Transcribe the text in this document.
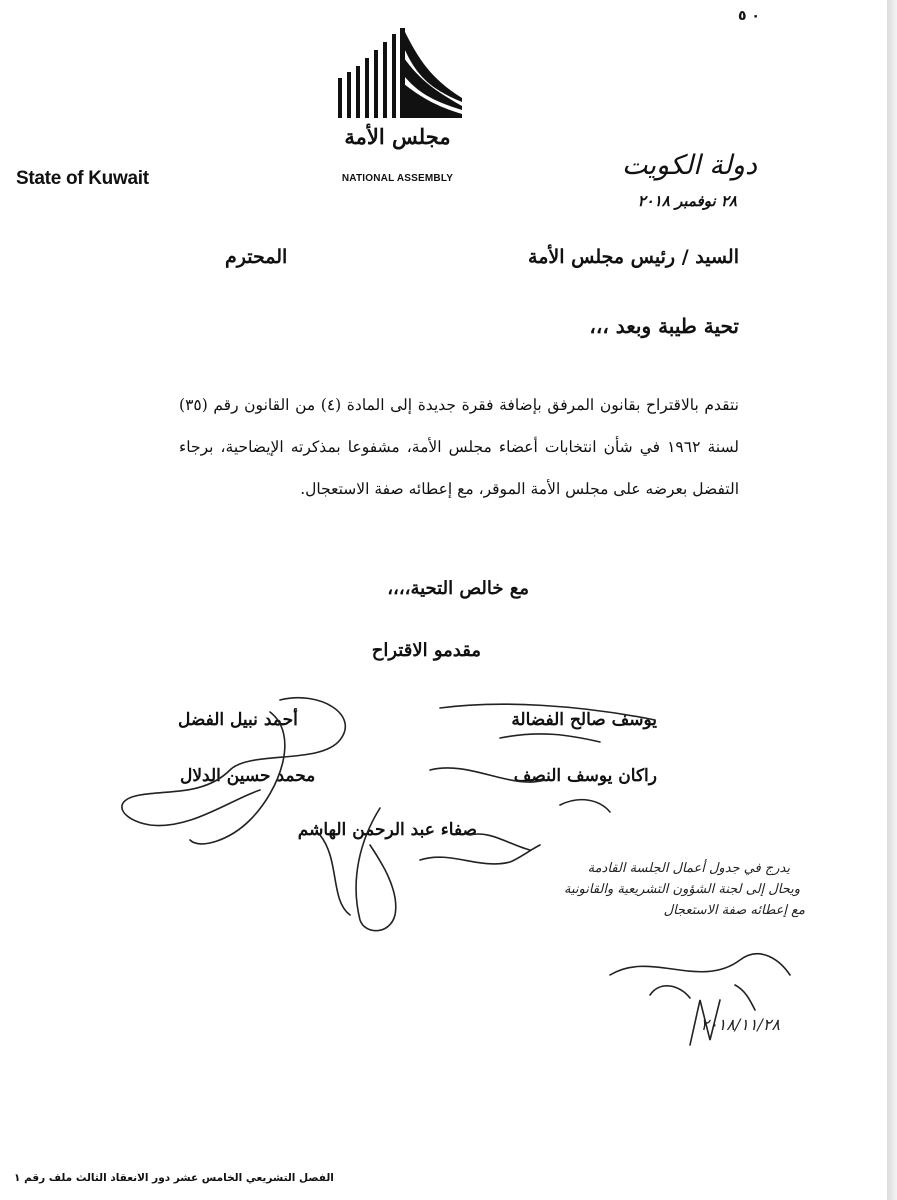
٠ ٥
State of Kuwait
مجلس الأمة
NATIONAL ASSEMBLY	دولة الكويت
٢٨ نوفمبر ٢٠١٨
السيد / رئيس مجلس الأمة
المحترم
تحية طيبة وبعد ،،،
نتقدم بالاقتراح بقانون المرفق بإضافة فقرة جديدة إلى المادة (٤) من القانون رقم (٣٥) لسنة ١٩٦٢ في شأن انتخابات أعضاء مجلس الأمة، مشفوعا بمذكرته الإيضاحية، برجاء التفضل بعرضه على مجلس الأمة الموقر، مع إعطائه صفة الاستعجال.
مع خالص التحية،،،،
مقدمو الاقتراح
يوسف صالح الفضالة
أحمد نبيل الفضل
راكان يوسف النصف
محمد حسين الدلال
صفاء عبد الرحمن الهاشم
يدرج في جدول أعمال الجلسة القادمة
ويحال إلى لجنة الشؤون التشريعية والقانونية
مع إعطائه صفة الاستعجال
٢٠١٨/١١/٢٨
الفصل التشريعي الخامس عشر دور الانعقاد الثالث ملف رقم ١
